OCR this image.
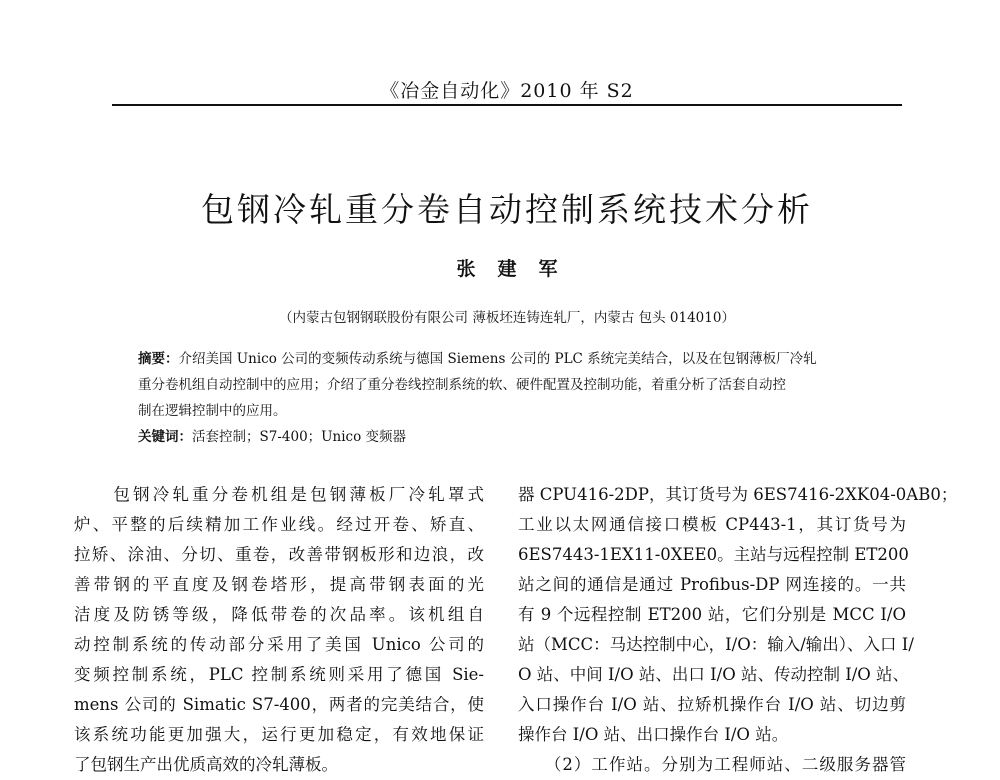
《冶金自动化》2010 年 S2
包钢冷轧重分卷自动控制系统技术分析
张建军
（内蒙古包钢钢联股份有限公司 薄板坯连铸连轧厂，内蒙古 包头 014010）
摘要：介绍美国 Unico 公司的变频传动系统与德国 Siemens 公司的 PLC 系统完美结合，以及在包钢薄板厂冷轧
重分卷机组自动控制中的应用；介绍了重分卷线控制系统的软、硬件配置及控制功能，着重分析了活套自动控
制在逻辑控制中的应用。
关键词：活套控制；S7-400；Unico 变频器
　　包钢冷轧重分卷机组是包钢薄板厂冷轧罩式
炉、平整的后续精加工作业线。经过开卷、矫直、
拉矫、涂油、分切、重卷，改善带钢板形和边浪，改
善带钢的平直度及钢卷塔形，提高带钢表面的光
洁度及防锈等级，降低带卷的次品率。该机组自
动控制系统的传动部分采用了美国 Unico 公司的
变频控制系统，PLC 控制系统则采用了德国 Sie-
mens 公司的 Simatic S7-400，两者的完美结合，使
该系统功能更加强大，运行更加稳定，有效地保证
了包钢生产出优质高效的冷轧薄板。
器 CPU416-2DP，其订货号为 6ES7416-2XK04-0AB0；
工业以太网通信接口模板 CP443-1，其订货号为
6ES7443-1EX11-0XEE0。主站与远程控制 ET200
站之间的通信是通过 Profibus-DP 网连接的。一共
有 9 个远程控制 ET200 站，它们分别是 MCC I/O
站（MCC：马达控制中心，I/O：输入/输出）、入口 I/
O 站、中间 I/O 站、出口 I/O 站、传动控制 I/O 站、
入口操作台 I/O 站、拉矫机操作台 I/O 站、切边剪
操作台 I/O 站、出口操作台 I/O 站。
　　（2）工作站。分别为工程师站、二级服务器管
